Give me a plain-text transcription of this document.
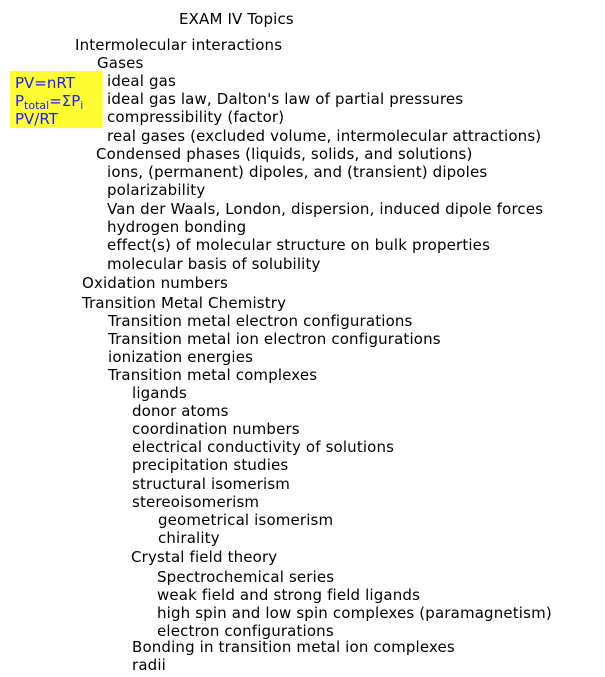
EXAM IV Topics
PV=nRT
$P_{total}=\Sigma P_i$
PV/RT
Intermolecular interactions
Gases
ideal gas
ideal gas law, Dalton's law of partial pressures
compressibility (factor)
real gases (excluded volume, intermolecular attractions)
Condensed phases (liquids, solids, and solutions)
ions, (permanent) dipoles, and (transient) dipoles
polarizability
Van der Waals, London, dispersion, induced dipole forces
hydrogen bonding
effect(s) of molecular structure on bulk properties
molecular basis of solubility
Oxidation numbers
Transition Metal Chemistry
Transition metal electron configurations
Transition metal ion electron configurations
ionization energies
Transition metal complexes
ligands
donor atoms
coordination numbers
electrical conductivity of solutions
precipitation studies
structural isomerism
stereoisomerism
geometrical isomerism
chirality
Crystal field theory
Spectrochemical series
weak field and strong field ligands
high spin and low spin complexes (paramagnetism)
electron configurations
Bonding in transition metal ion complexes
radii
